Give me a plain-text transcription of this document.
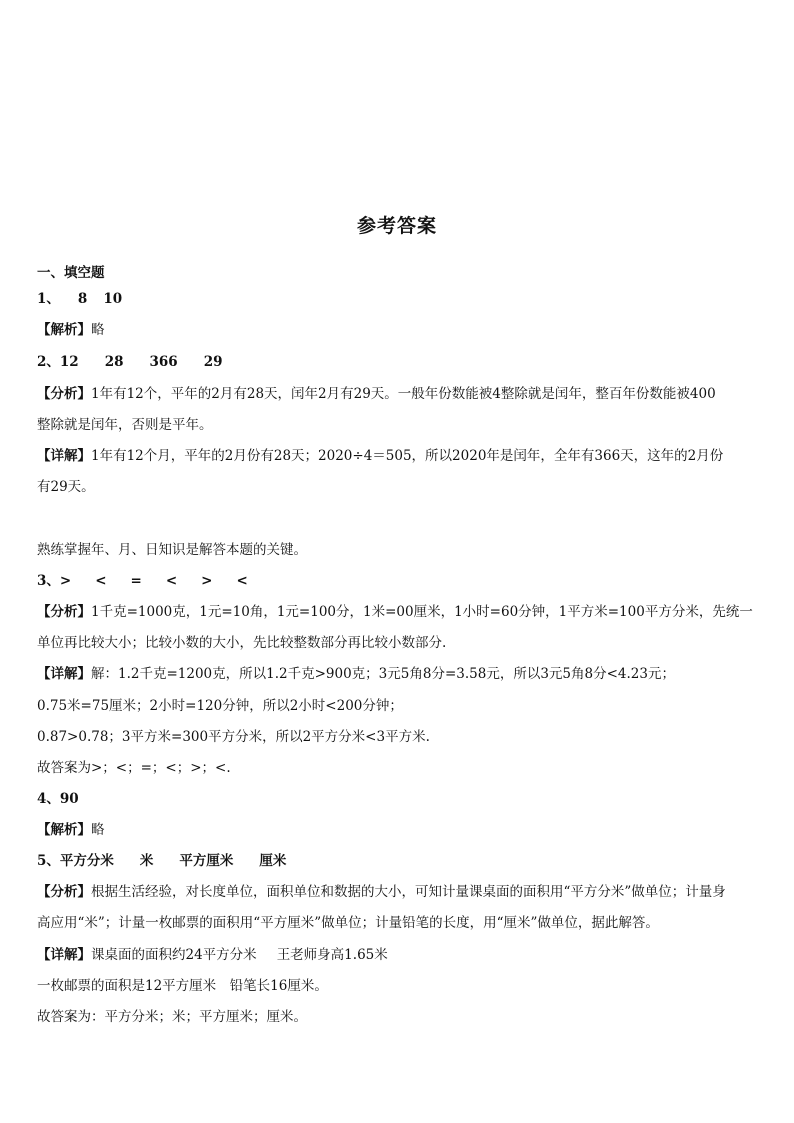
参考答案
一、填空题
1、 8 10
【解析】略
2、12 28 366 29
【分析】1年有12个，平年的2月有28天，闰年2月有29天。一般年份数能被4整除就是闰年，整百年份数能被400
整除就是闰年，否则是平年。
【详解】1年有12个月，平年的2月份有28天；2020÷4＝505，所以2020年是闰年，全年有366天，这年的2月份
有29天。
熟练掌握年、月、日知识是解答本题的关键。
3、> < = < > <
【分析】1千克=1000克，1元=10角，1元=100分，1米=00厘米，1小时=60分钟，1平方米=100平方分米，先统一
单位再比较大小；比较小数的大小，先比较整数部分再比较小数部分.
【详解】解：1.2千克=1200克，所以1.2千克>900克；3元5角8分=3.58元，所以3元5角8分<4.23元；
0.75米=75厘米；2小时=120分钟，所以2小时<200分钟；
0.87>0.78；3平方米=300平方分米，所以2平方分米<3平方米.
故答案为>；<；=；<；>；<.
4、90
【解析】略
5、平方分米 米 平方厘米 厘米
【分析】根据生活经验，对长度单位，面积单位和数据的大小，可知计量课桌面的面积用“平方分米”做单位；计量身
高应用“米”；计量一枚邮票的面积用“平方厘米”做单位；计量铅笔的长度，用“厘米”做单位，据此解答。
【详解】课桌面的面积约24平方分米 王老师身高1.65米
一枚邮票的面积是12平方厘米　铅笔长16厘米。
故答案为：平方分米；米；平方厘米；厘米。
